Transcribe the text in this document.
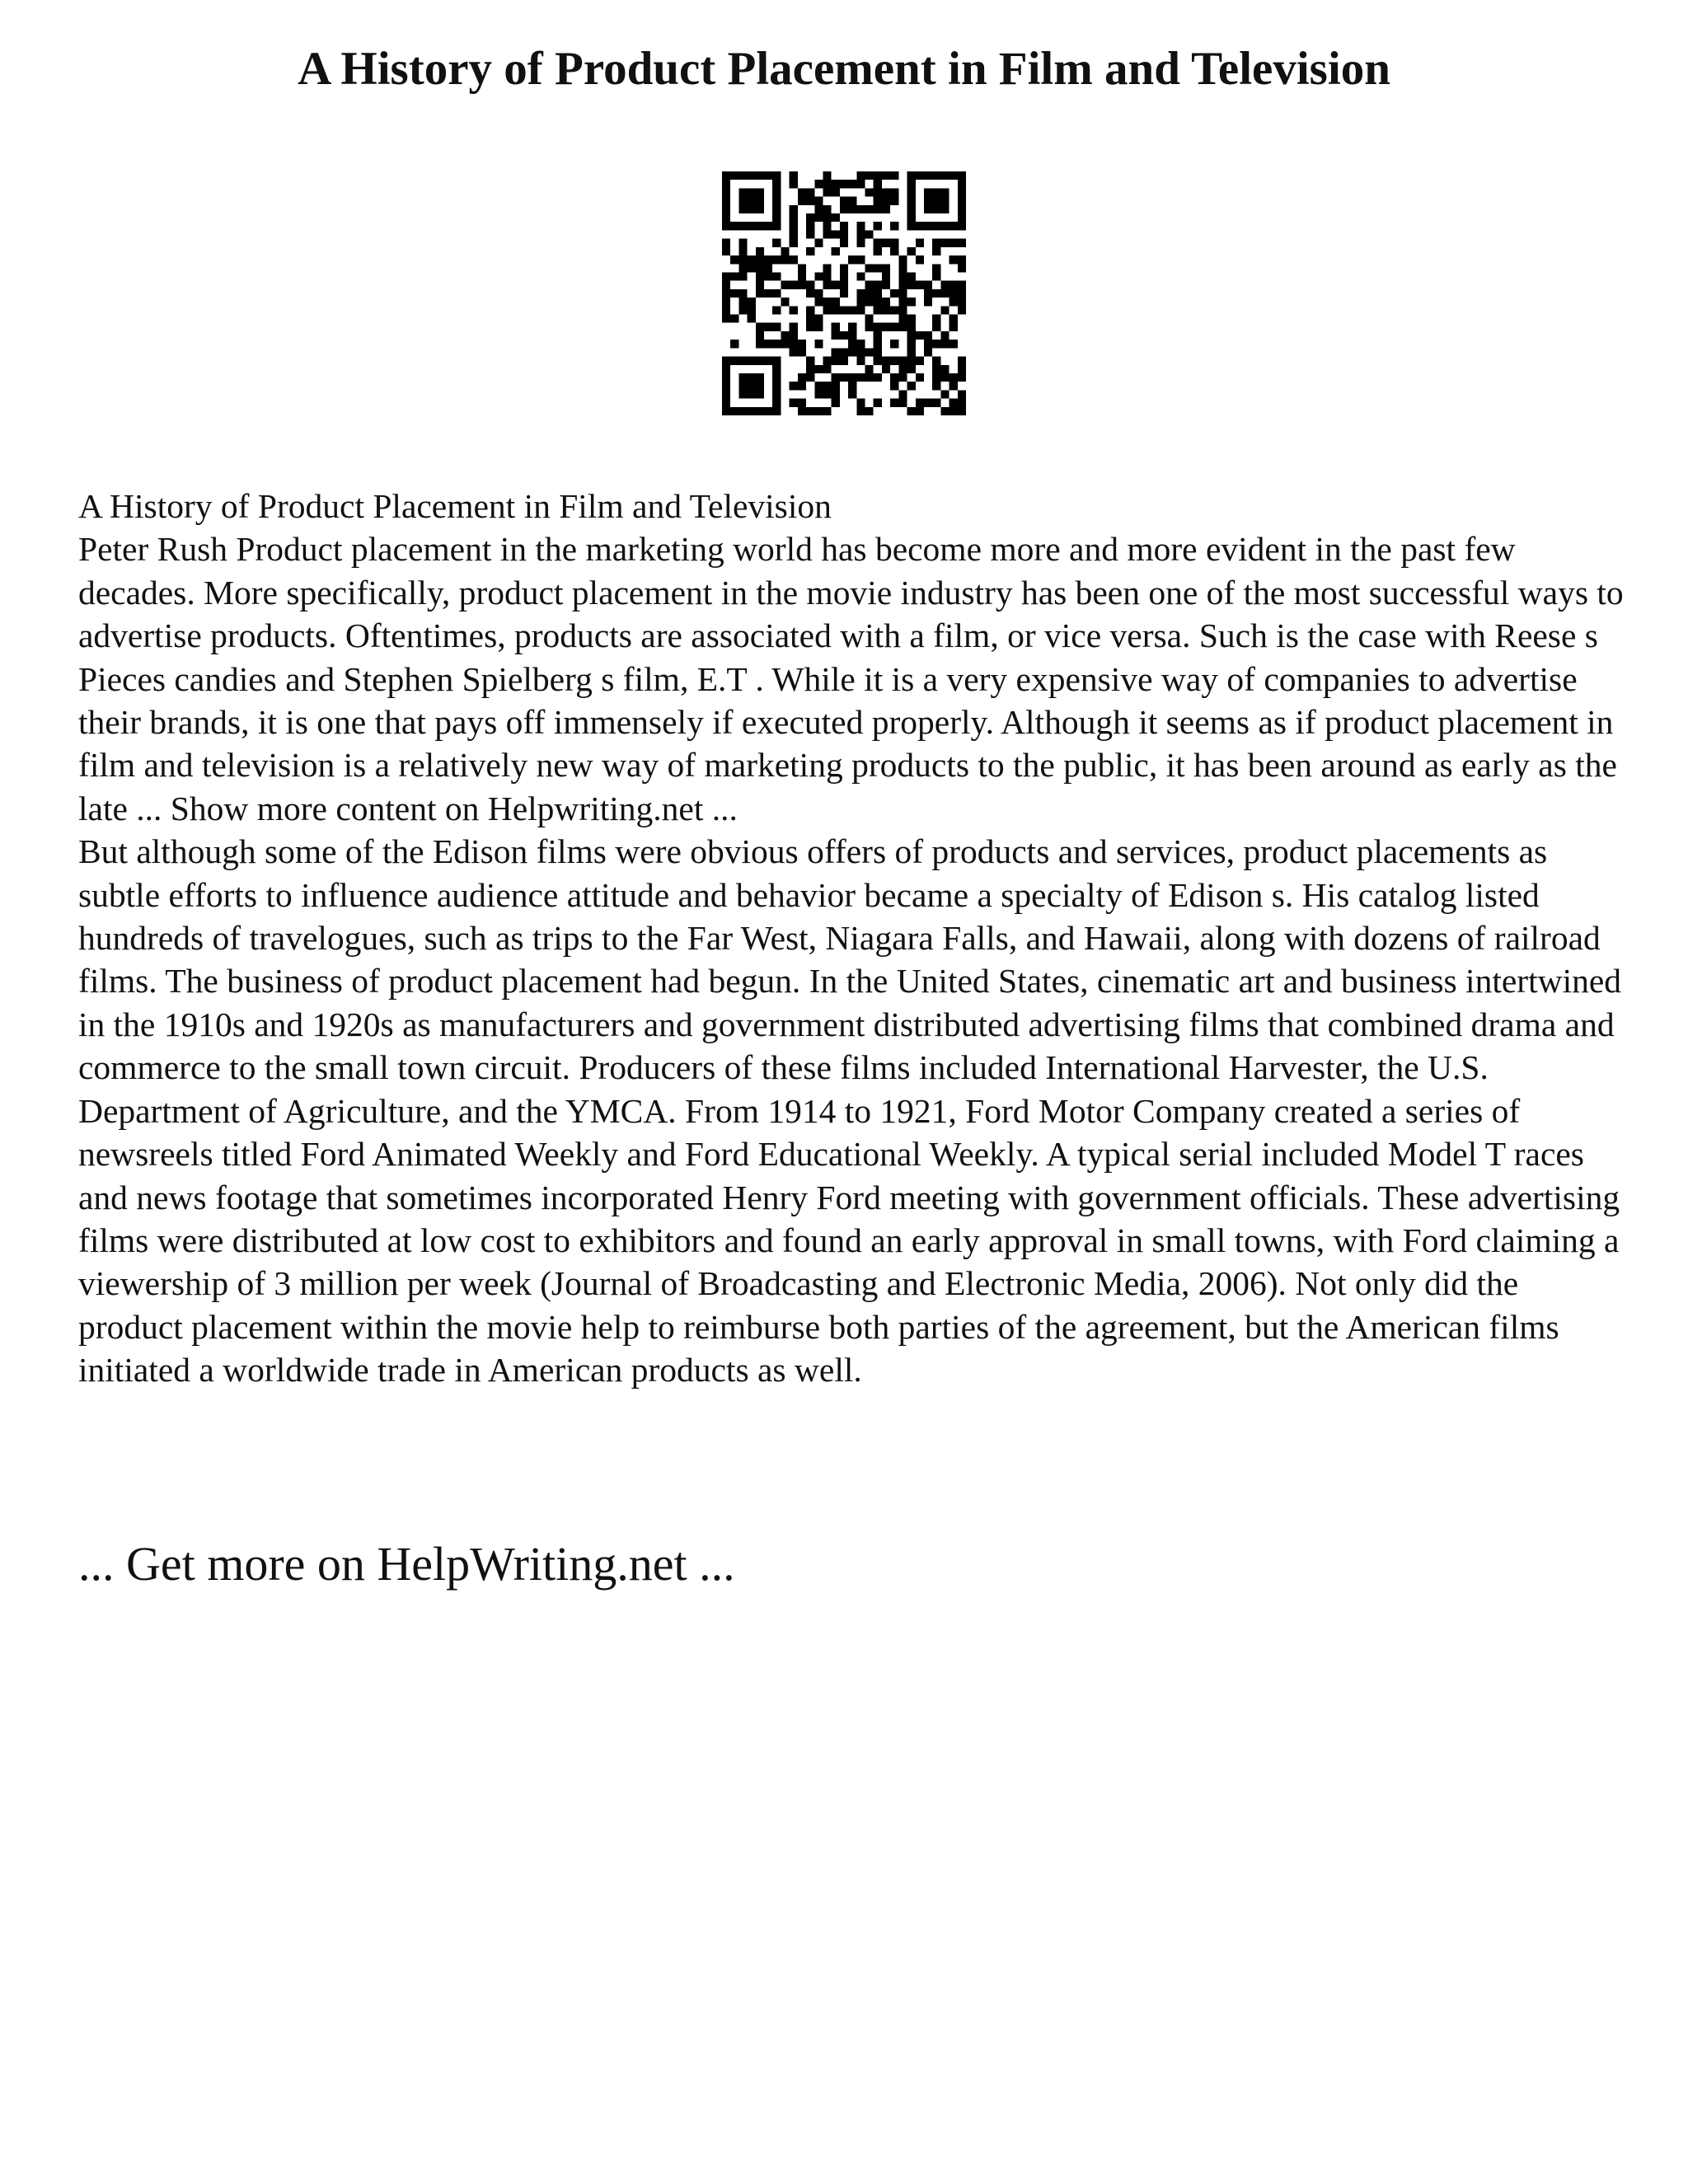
A History of Product Placement in Film and Television

A History of Product Placement in Film and Television

Peter Rush Product placement in the marketing world has become more and more evident in the past few decades. More specifically, product placement in the movie industry has been one of the most successful ways to advertise products. Oftentimes, products are associated with a film, or vice versa. Such is the case with Reese s Pieces candies and Stephen Spielberg s film, E.T . While it is a very expensive way of companies to advertise their brands, it is one that pays off immensely if executed properly. Although it seems as if product placement in film and television is a relatively new way of marketing products to the public, it has been around as early as the late ... Show more content on Helpwriting.net ...

But although some of the Edison films were obvious offers of products and services, product placements as subtle efforts to influence audience attitude and behavior became a specialty of Edison s. His catalog listed hundreds of travelogues, such as trips to the Far West, Niagara Falls, and Hawaii, along with dozens of railroad films. The business of product placement had begun. In the United States, cinematic art and business intertwined in the 1910s and 1920s as manufacturers and government distributed advertising films that combined drama and commerce to the small town circuit. Producers of these films included International Harvester, the U.S. Department of Agriculture, and the YMCA. From 1914 to 1921, Ford Motor Company created a series of newsreels titled Ford Animated Weekly and Ford Educational Weekly. A typical serial included Model T races and news footage that sometimes incorporated Henry Ford meeting with government officials. These advertising films were distributed at low cost to exhibitors and found an early approval in small towns, with Ford claiming a viewership of 3 million per week (Journal of Broadcasting and Electronic Media, 2006). Not only did the product placement within the movie help to reimburse both parties of the agreement, but the American films initiated a worldwide trade in American products as well.

... Get more on HelpWriting.net ...
